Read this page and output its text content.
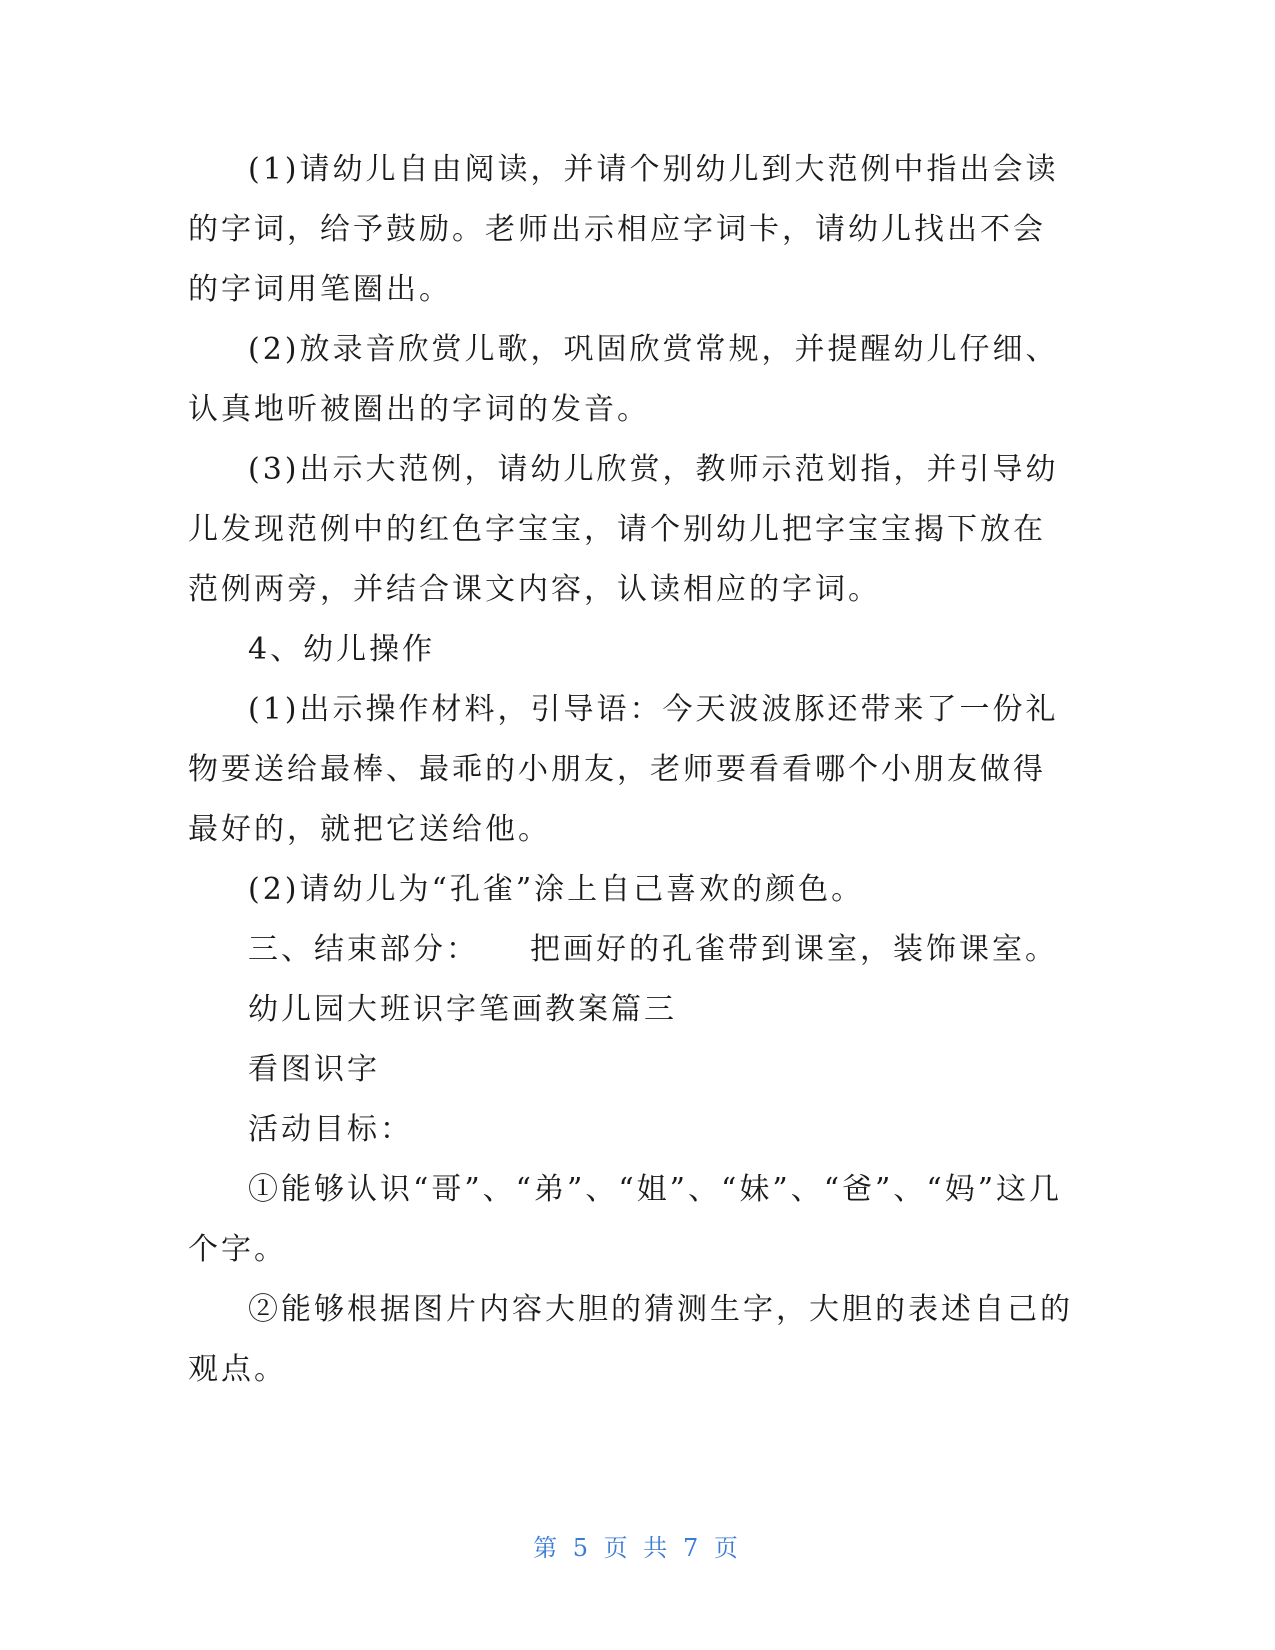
(1)请幼儿自由阅读，并请个别幼儿到大范例中指出会读的字词，给予鼓励。老师出示相应字词卡，请幼儿找出不会的字词用笔圈出。

(2)放录音欣赏儿歌，巩固欣赏常规，并提醒幼儿仔细、认真地听被圈出的字词的发音。

(3)出示大范例，请幼儿欣赏，教师示范划指，并引导幼儿发现范例中的红色字宝宝，请个别幼儿把字宝宝揭下放在范例两旁，并结合课文内容，认读相应的字词。

4、幼儿操作

(1)出示操作材料，引导语：今天波波豚还带来了一份礼物要送给最棒、最乖的小朋友，老师要看看哪个小朋友做得最好的，就把它送给他。

(2)请幼儿为“孔雀”涂上自己喜欢的颜色。

三、结束部分：　　把画好的孔雀带到课室，装饰课室。

幼儿园大班识字笔画教案篇三

看图识字

活动目标：

①能够认识“哥”、“弟”、“姐”、“妹”、“爸”、“妈”这几个字。

②能够根据图片内容大胆的猜测生字，大胆的表述自己的观点。

第 5 页 共 7 页
